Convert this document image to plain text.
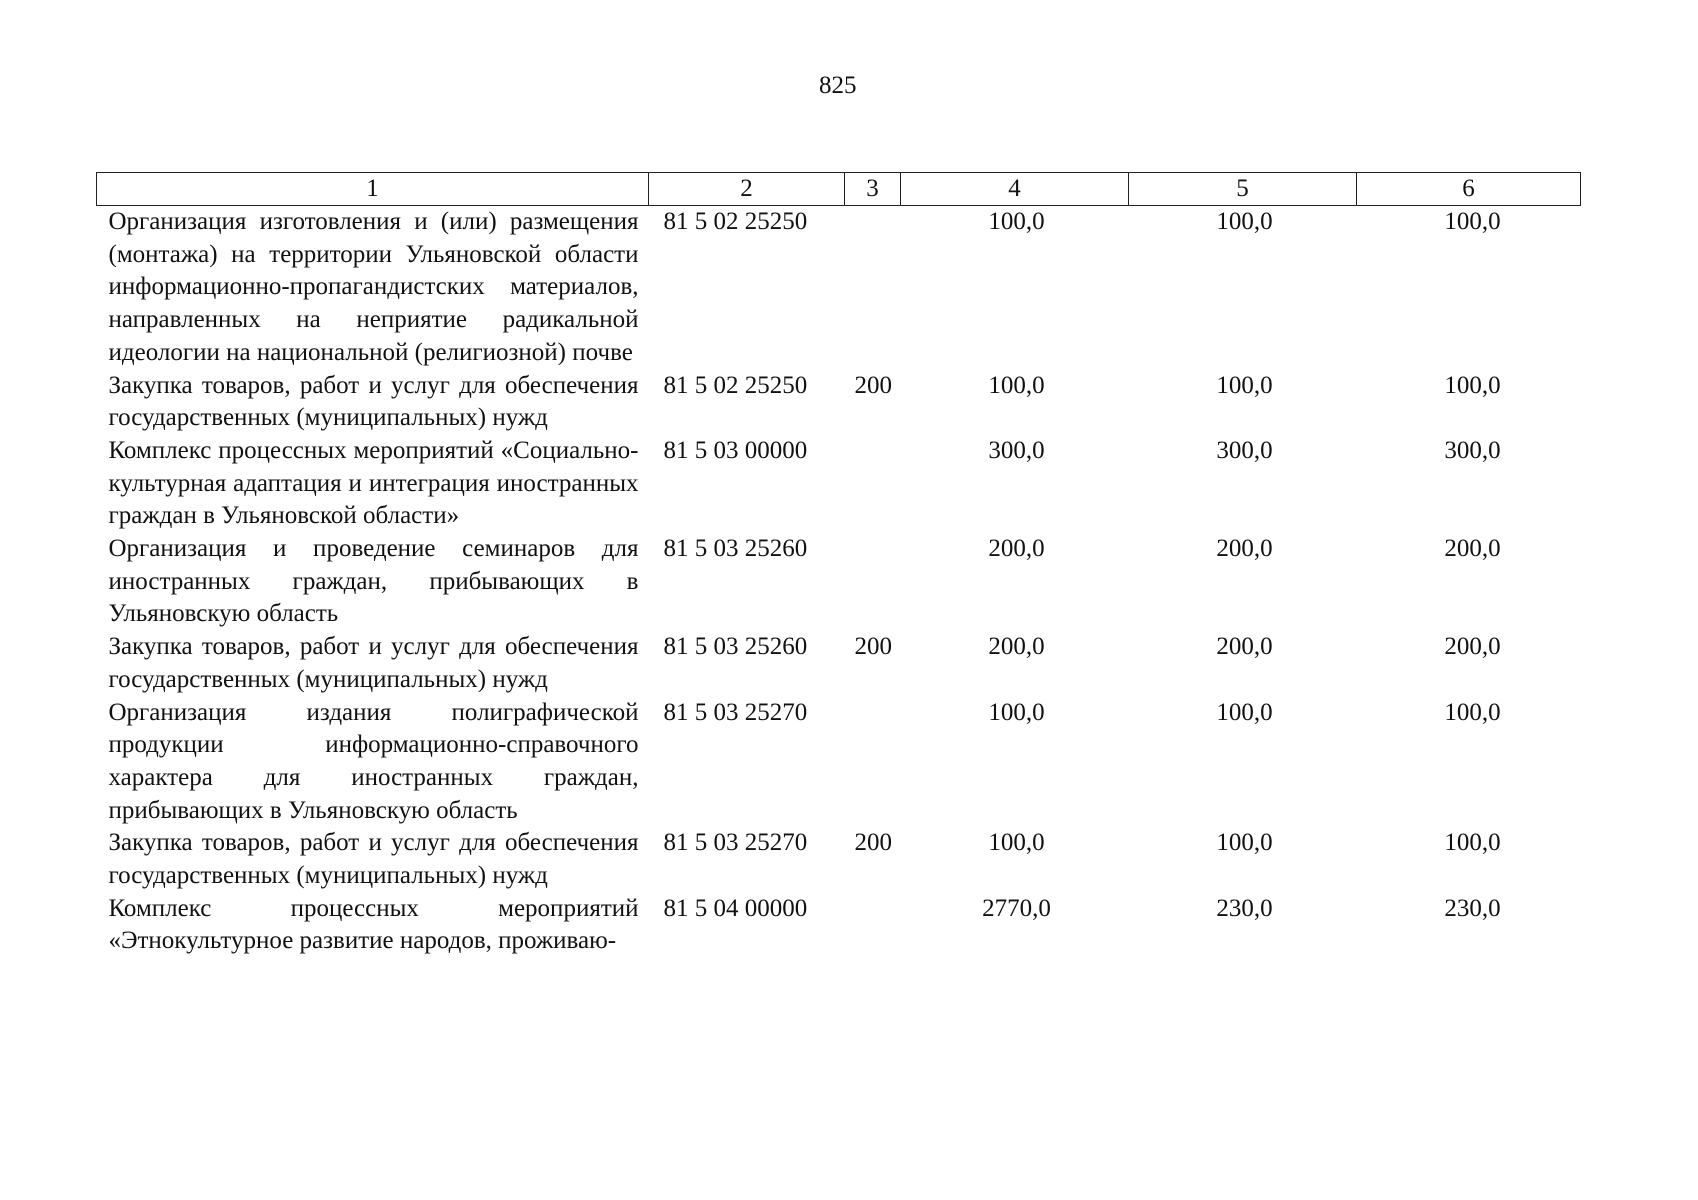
825
1	2	3	4	5	6
Организация изготовления и (или) размещения (монтажа) на территории Ульяновской области информационно-пропагандистских материалов, направленных на неприятие радикальной идеологии на национальной (религиозной) почве	81 5 02 25250		100,0	100,0	100,0
Закупка товаров, работ и услуг для обеспечения государственных (муниципальных) нужд	81 5 02 25250	200	100,0	100,0	100,0
Комплекс процессных мероприятий «Социально-культурная адаптация и интеграция иностранных граждан в Ульяновской области»	81 5 03 00000		300,0	300,0	300,0
Организация и проведение семинаров для иностранных граждан, прибывающих в Ульяновскую область	81 5 03 25260		200,0	200,0	200,0
Закупка товаров, работ и услуг для обеспечения государственных (муниципальных) нужд	81 5 03 25260	200	200,0	200,0	200,0
Организация издания полиграфической продукции информационно-справочного характера для иностранных граждан, прибывающих в Ульяновскую область	81 5 03 25270		100,0	100,0	100,0
Закупка товаров, работ и услуг для обеспечения государственных (муниципальных) нужд	81 5 03 25270	200	100,0	100,0	100,0
Комплекс процессных мероприятий «Этнокультурное развитие народов, проживаю-	81 5 04 00000		2770,0	230,0	230,0
